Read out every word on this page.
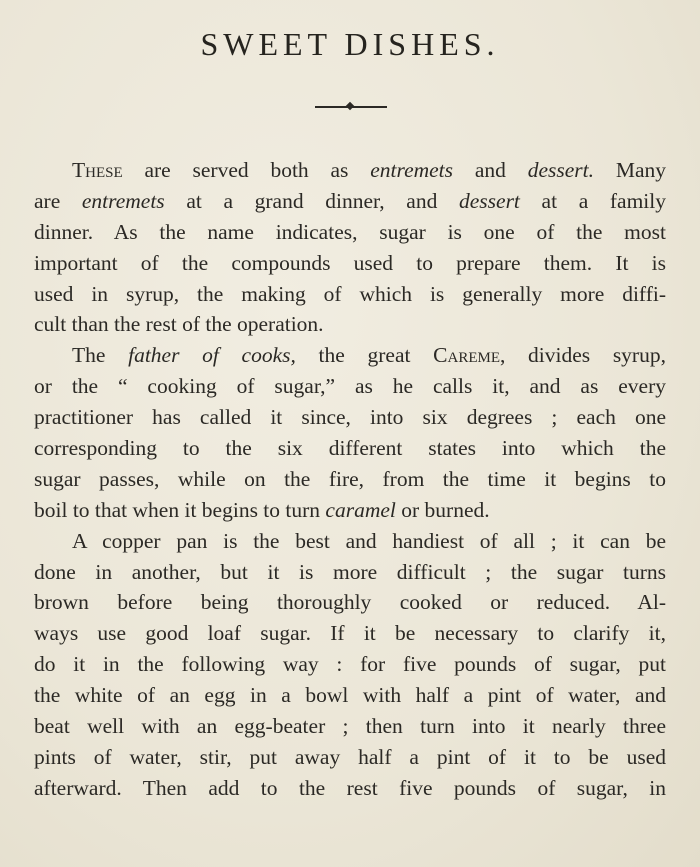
SWEET DISHES.
These are served both as entremets and dessert. Many
are entremets at a grand dinner, and dessert at a family
dinner. As the name indicates, sugar is one of the most
important of the compounds used to prepare them. It is
used in syrup, the making of which is generally more diffi-
cult than the rest of the operation.
The father of cooks, the great Careme, divides syrup,
or the “ cooking of sugar,” as he calls it, and as every
practitioner has called it since, into six degrees ; each one
corresponding to the six different states into which the
sugar passes, while on the fire, from the time it begins to
boil to that when it begins to turn caramel or burned.
A copper pan is the best and handiest of all ; it can be
done in another, but it is more difficult ; the sugar turns
brown before being thoroughly cooked or reduced. Al-
ways use good loaf sugar. If it be necessary to clarify it,
do it in the following way : for five pounds of sugar, put
the white of an egg in a bowl with half a pint of water, and
beat well with an egg-beater ; then turn into it nearly three
pints of water, stir, put away half a pint of it to be used
afterward. Then add to the rest five pounds of sugar, in
